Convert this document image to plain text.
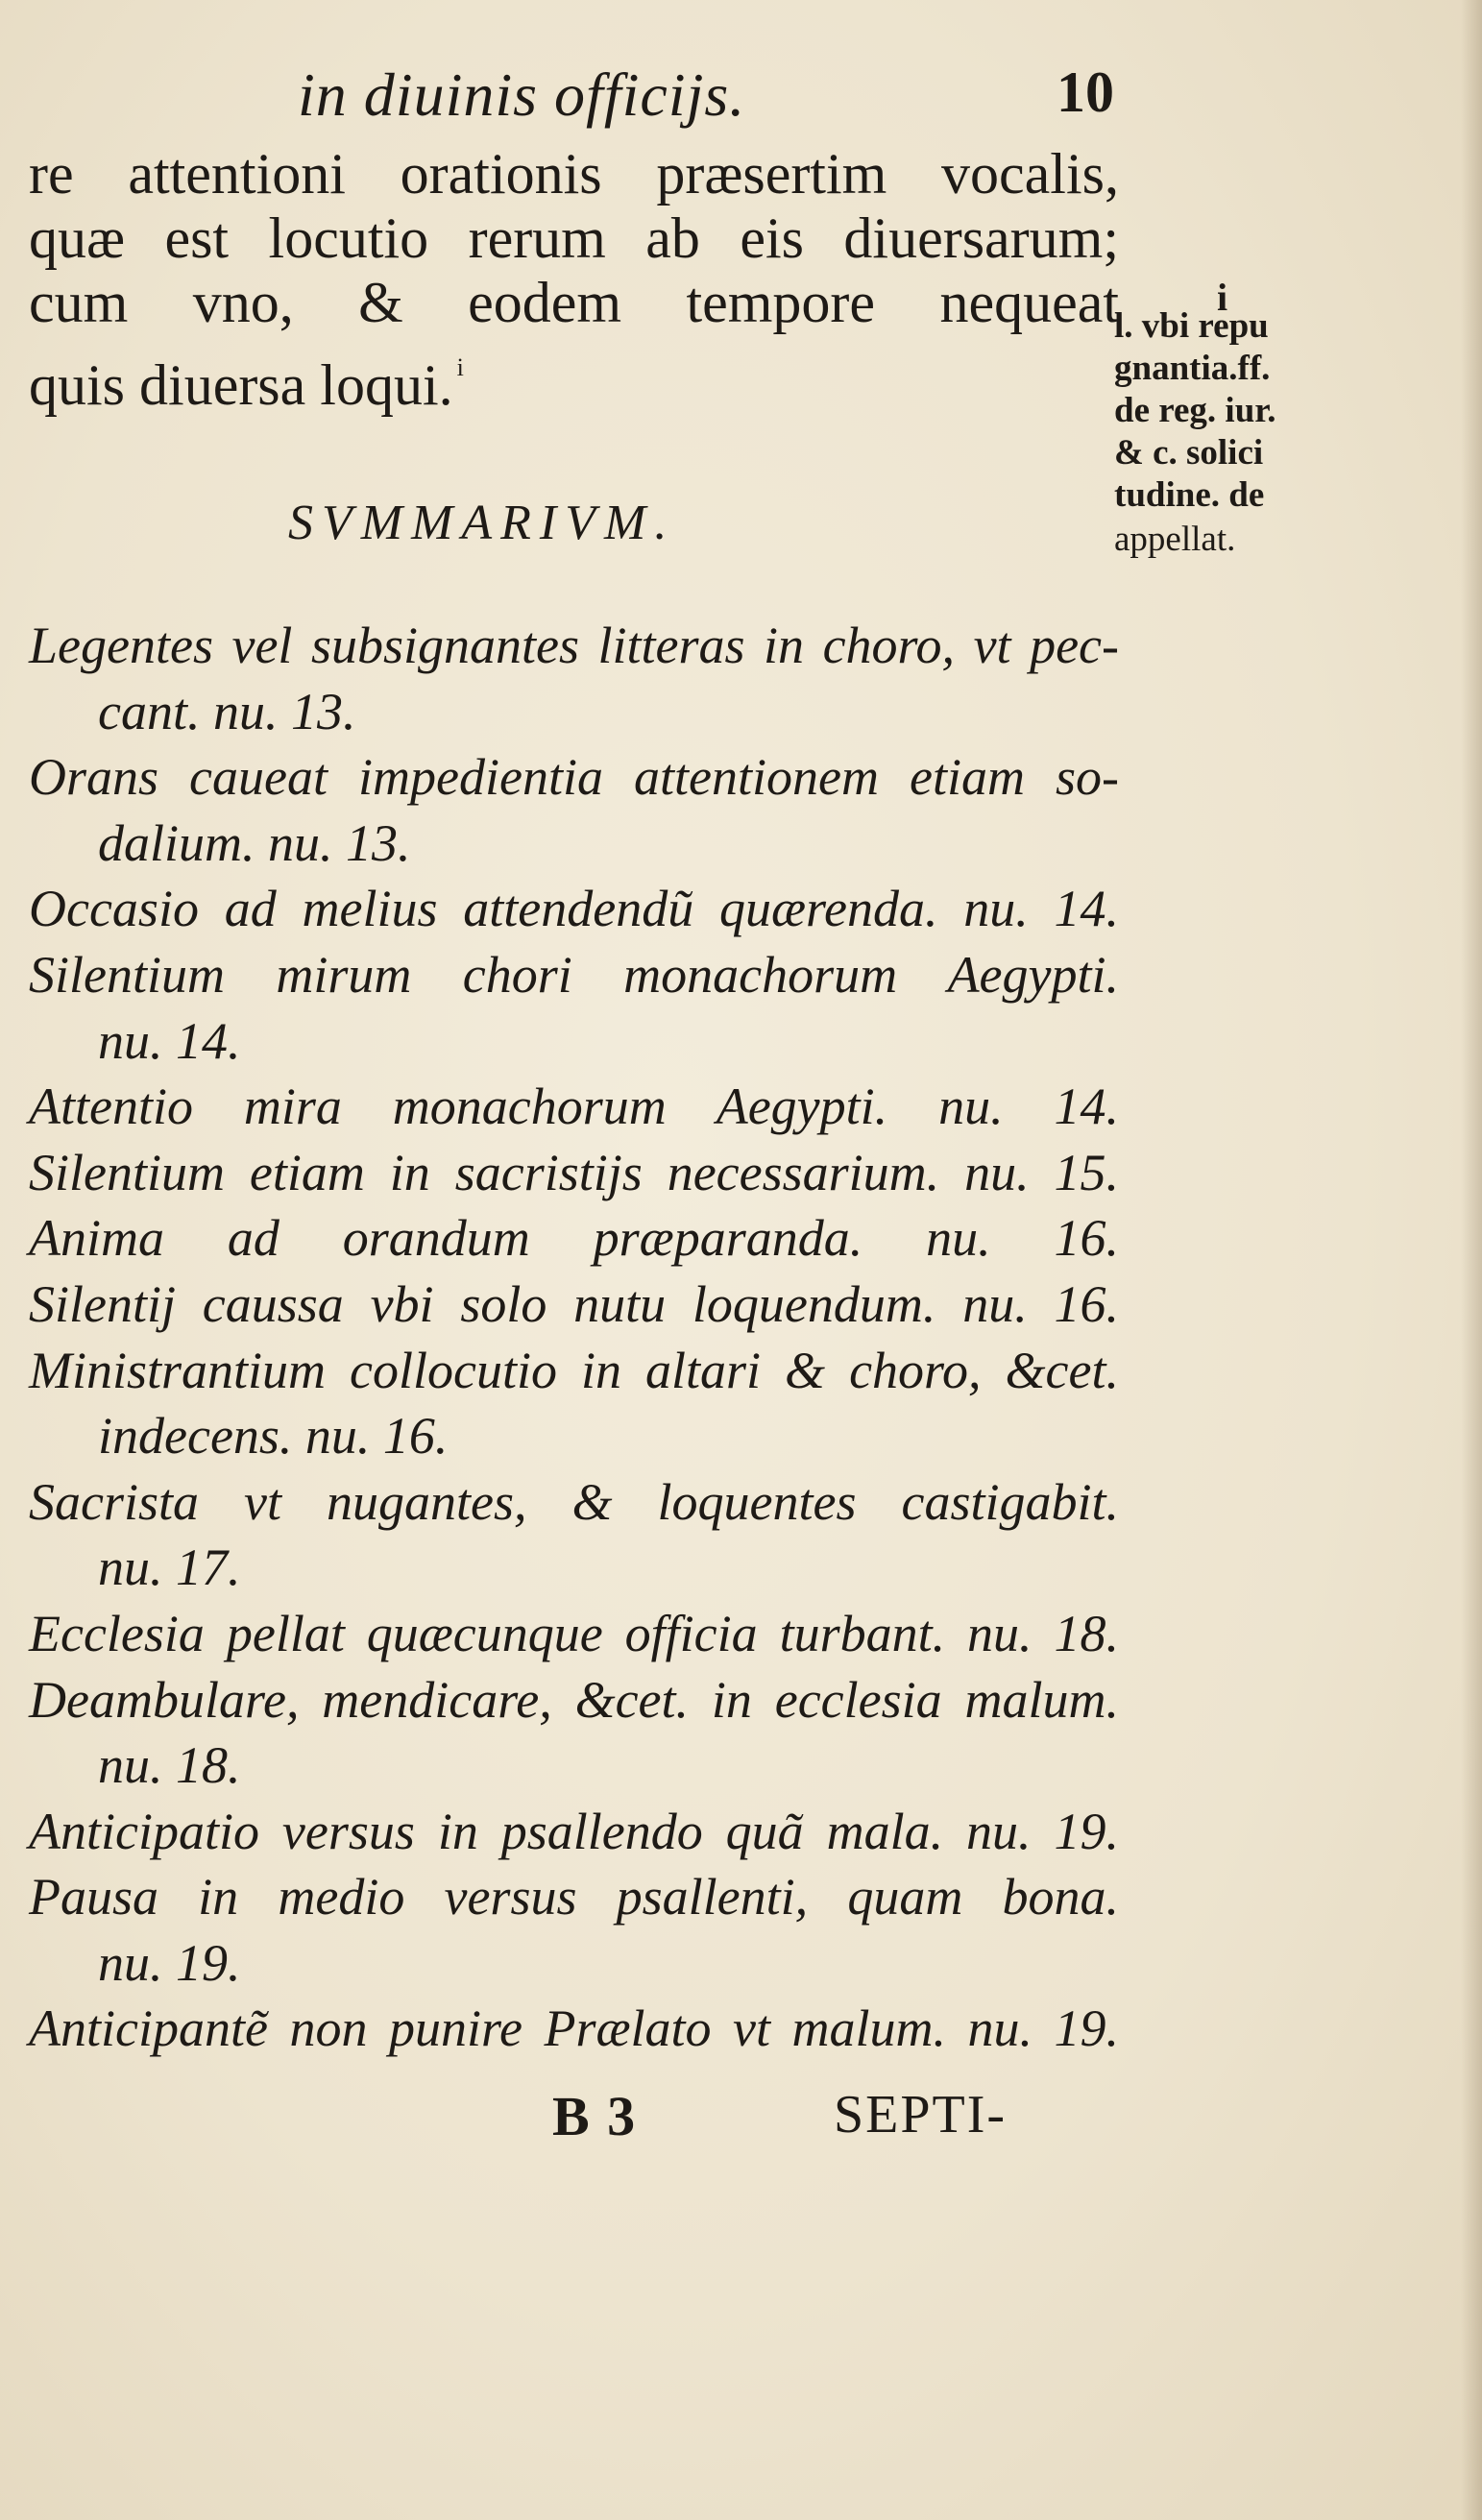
in diuinis officijs.	10
re attentioni orationis præsertim vocalis,
quæ est locutio rerum ab eis diuersarum;
cum vno, & eodem tempore nequeat
quis diuersa loqui. $^i$
i
l. vbi repu
gnantia.ff.
de reg. iur.
& c. solici
tudine. de
appellat.
SVMMARIVM.
Legentes vel subsignantes litteras in choro, vt pec-
cant. nu. 13.
Orans caueat impedientia attentionem etiam so-
dalium. nu. 13.
Occasio ad melius attendendũ quærenda. nu. 14.
Silentium mirum chori monachorum Aegypti.
nu. 14.
Attentio mira monachorum Aegypti. nu. 14.
Silentium etiam in sacristijs necessarium. nu. 15.
Anima ad orandum præparanda. nu. 16.
Silentij caussa vbi solo nutu loquendum. nu. 16.
Ministrantium collocutio in altari & choro, &cet.
indecens. nu. 16.
Sacrista vt nugantes, & loquentes castigabit.
nu. 17.
Ecclesia pellat quæcunque officia turbant. nu. 18.
Deambulare, mendicare, &cet. in ecclesia malum.
nu. 18.
Anticipatio versus in psallendo quã mala. nu. 19.
Pausa in medio versus psallenti, quam bona.
nu. 19.
Anticipantẽ non punire Prælato vt malum. nu. 19.
B 3	SEPTI-
